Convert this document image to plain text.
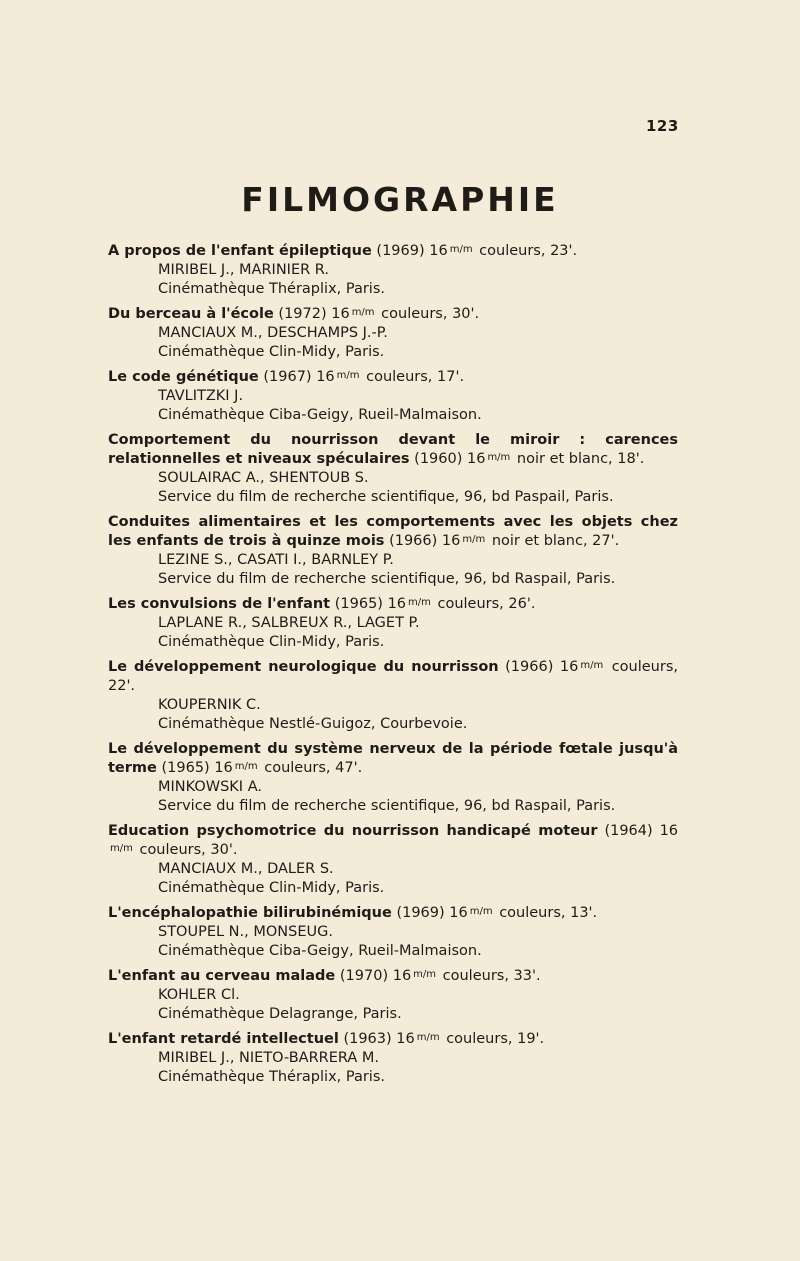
123
FILMOGRAPHIE
A propos de l'enfant épileptique (1969) 16 m/m couleurs, 23'.
MIRIBEL J., MARINIER R.
Cinémathèque Théraplix, Paris.
Du berceau à l'école (1972) 16 m/m couleurs, 30'.
MANCIAUX M., DESCHAMPS J.-P.
Cinémathèque Clin-Midy, Paris.
Le code génétique (1967) 16 m/m couleurs, 17'.
TAVLITZKI J.
Cinémathèque Ciba-Geigy, Rueil-Malmaison.
Comportement du nourrisson devant le miroir : carences relationnelles et niveaux spéculaires (1960) 16 m/m noir et blanc, 18'.
SOULAIRAC A., SHENTOUB S.
Service du film de recherche scientifique, 96, bd Paspail, Paris.
Conduites alimentaires et les comportements avec les objets chez les enfants de trois à quinze mois (1966) 16 m/m noir et blanc, 27'.
LEZINE S., CASATI I., BARNLEY P.
Service du film de recherche scientifique, 96, bd Raspail, Paris.
Les convulsions de l'enfant (1965) 16 m/m couleurs, 26'.
LAPLANE R., SALBREUX R., LAGET P.
Cinémathèque Clin-Midy, Paris.
Le développement neurologique du nourrisson (1966) 16 m/m couleurs, 22'.
KOUPERNIK C.
Cinémathèque Nestlé-Guigoz, Courbevoie.
Le développement du système nerveux de la période fœtale jusqu'à terme (1965) 16 m/m couleurs, 47'.
MINKOWSKI A.
Service du film de recherche scientifique, 96, bd Raspail, Paris.
Education psychomotrice du nourrisson handicapé moteur (1964) 16m/m couleurs, 30'.
MANCIAUX M., DALER S.
Cinémathèque Clin-Midy, Paris.
L'encéphalopathie bilirubinémique (1969) 16 m/m couleurs, 13'.
STOUPEL N., MONSEUG.
Cinémathèque Ciba-Geigy, Rueil-Malmaison.
L'enfant au cerveau malade (1970) 16 m/m couleurs, 33'.
KOHLER Cl.
Cinémathèque Delagrange, Paris.
L'enfant retardé intellectuel (1963) 16 m/m couleurs, 19'.
MIRIBEL J., NIETO-BARRERA M.
Cinémathèque Théraplix, Paris.
